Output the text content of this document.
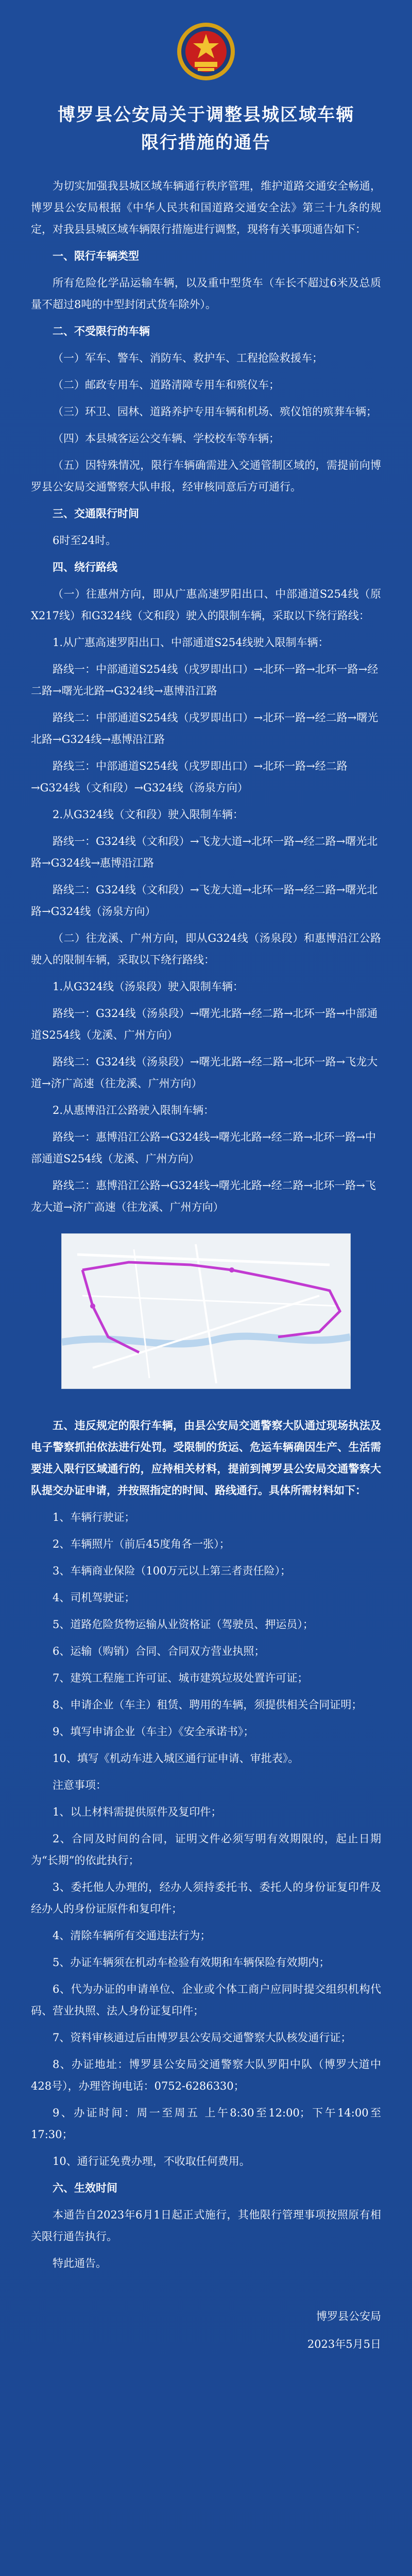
博罗县公安局关于调整县城区域车辆
限行措施的通告

为切实加强我县城区域车辆通行秩序管理，维护道路交通安全畅通，博罗县公安局根据《中华人民共和国道路交通安全法》第三十九条的规定，对我县县城区域车辆限行措施进行调整，现将有关事项通告如下：

一、限行车辆类型

所有危险化学品运输车辆，以及重中型货车（车长不超过6米及总质量不超过8吨的中型封闭式货车除外）。

二、不受限行的车辆

（一）军车、警车、消防车、救护车、工程抢险救援车；

（二）邮政专用车、道路清障专用车和殡仪车；

（三）环卫、园林、道路养护专用车辆和机场、殡仪馆的殡葬车辆；

（四）本县城客运公交车辆、学校校车等车辆；

（五）因特殊情况，限行车辆确需进入交通管制区域的，需提前向博罗县公安局交通警察大队申报，经审核同意后方可通行。

三、交通限行时间

6时至24时。

四、绕行路线

（一）往惠州方向，即从广惠高速罗阳出口、中部通道S254线（原X217线）和G324线（文和段）驶入的限制车辆，采取以下绕行路线：

1.从广惠高速罗阳出口、中部通道S254线驶入限制车辆：

路线一：中部通道S254线（戌罗即出口）→北环一路→北环一路→经二路→曙光北路→G324线→惠博沿江路

路线二：中部通道S254线（戌罗即出口）→北环一路→经二路→曙光北路→G324线→惠博沿江路

路线三：中部通道S254线（戌罗即出口）→北环一路→经二路→G324线（文和段）→G324线（汤泉方向）

2.从G324线（文和段）驶入限制车辆：

路线一：G324线（文和段）→飞龙大道→北环一路→经二路→曙光北路→G324线→惠博沿江路

路线二：G324线（文和段）→飞龙大道→北环一路→经二路→曙光北路→G324线（汤泉方向）

（二）往龙溪、广州方向，即从G324线（汤泉段）和惠博沿江公路驶入的限制车辆，采取以下绕行路线：

1.从G324线（汤泉段）驶入限制车辆：

路线一：G324线（汤泉段）→曙光北路→经二路→北环一路→中部通道S254线（龙溪、广州方向）

路线二：G324线（汤泉段）→曙光北路→经二路→北环一路→飞龙大道→济广高速（往龙溪、广州方向）

2.从惠博沿江公路驶入限制车辆：

路线一：惠博沿江公路→G324线→曙光北路→经二路→北环一路→中部通道S254线（龙溪、广州方向）

路线二：惠博沿江公路→G324线→曙光北路→经二路→北环一路→飞龙大道→济广高速（往龙溪、广州方向）

五、违反规定的限行车辆，由县公安局交通警察大队通过现场执法及电子警察抓拍依法进行处罚。受限制的货运、危运车辆确因生产、生活需要进入限行区域通行的，应持相关材料，提前到博罗县公安局交通警察大队提交办证申请，并按照指定的时间、路线通行。具体所需材料如下：

1、车辆行驶证；

2、车辆照片（前后45度角各一张）；

3、车辆商业保险（100万元以上第三者责任险）；

4、司机驾驶证；

5、道路危险货物运输从业资格证（驾驶员、押运员）；

6、运输（购销）合同、合同双方营业执照；

7、建筑工程施工许可证、城市建筑垃圾处置许可证；

8、申请企业（车主）租赁、聘用的车辆，须提供相关合同证明；

9、填写申请企业（车主）《安全承诺书》；

10、填写《机动车进入城区通行证申请、审批表》。

注意事项：

1、以上材料需提供原件及复印件；

2、合同及时间的合同，证明文件必须写明有效期限的，起止日期为“长期”的依此执行；

3、委托他人办理的，经办人须持委托书、委托人的身份证复印件及经办人的身份证原件和复印件；

4、清除车辆所有交通违法行为；

5、办证车辆须在机动车检验有效期和车辆保险有效期内；

6、代为办证的申请单位、企业或个体工商户应同时提交组织机构代码、营业执照、法人身份证复印件；

7、资料审核通过后由博罗县公安局交通警察大队核发通行证；

8、办证地址：博罗县公安局交通警察大队罗阳中队（博罗大道中428号），办理咨询电话：0752-6286330；

9、办证时间：周一至周五 上午8:30至12:00；下午14:00至17:30；

10、通行证免费办理，不收取任何费用。

六、生效时间

本通告自2023年6月1日起正式施行，其他限行管理事项按照原有相关限行通告执行。

特此通告。

博罗县公安局
2023年5月5日
